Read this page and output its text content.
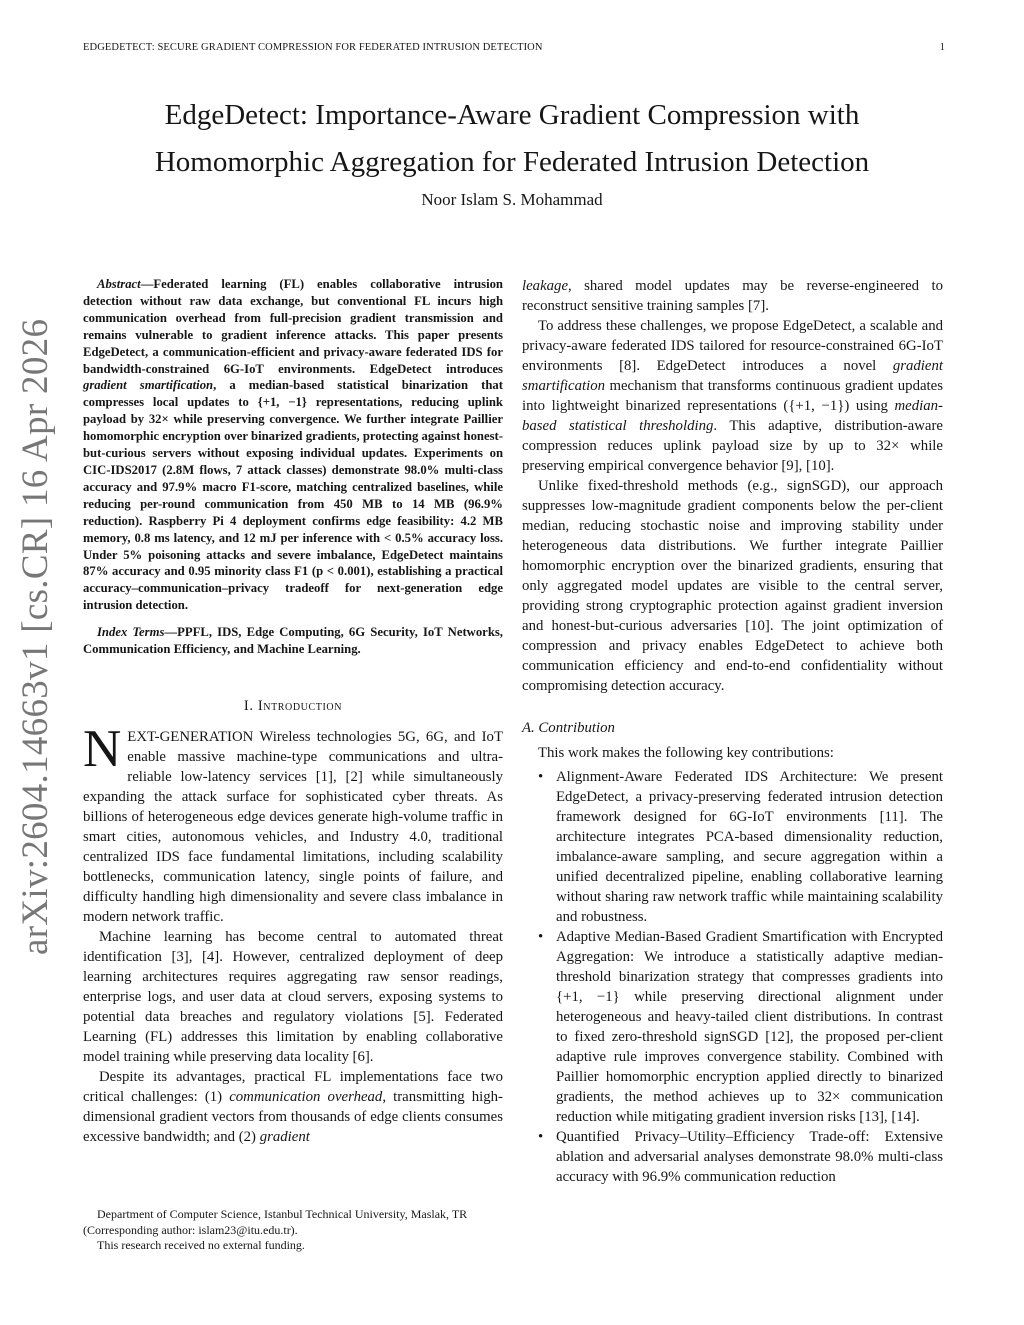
EDGEDETECT: SECURE GRADIENT COMPRESSION FOR FEDERATED INTRUSION DETECTION	1
EdgeDetect: Importance-Aware Gradient Compression with
Homomorphic Aggregation for Federated Intrusion Detection
Noor Islam S. Mohammad
arXiv:2604.14663v1 [cs.CR] 16 Apr 2026

Abstract—Federated learning (FL) enables collaborative intrusion detection without raw data exchange, but conventional FL incurs high communication overhead from full-precision gradient transmission and remains vulnerable to gradient inference attacks. This paper presents EdgeDetect, a communication-efficient and privacy-aware federated IDS for bandwidth-constrained 6G-IoT environments. EdgeDetect introduces gradient smartification, a median-based statistical binarization that compresses local updates to {+1, −1} representations, reducing uplink payload by 32× while preserving convergence. We further integrate Paillier homomorphic encryption over binarized gradients, protecting against honest-but-curious servers without exposing individual updates. Experiments on CIC-IDS2017 (2.8M flows, 7 attack classes) demonstrate 98.0% multi-class accuracy and 97.9% macro F1-score, matching centralized baselines, while reducing per-round communication from 450 MB to 14 MB (96.9% reduction). Raspberry Pi 4 deployment confirms edge feasibility: 4.2 MB memory, 0.8 ms latency, and 12 mJ per inference with < 0.5% accuracy loss. Under 5% poisoning attacks and severe imbalance, EdgeDetect maintains 87% accuracy and 0.95 minority class F1 (p < 0.001), establishing a practical accuracy–communication–privacy tradeoff for next-generation edge intrusion detection.

Index Terms—PPFL, IDS, Edge Computing, 6G Security, IoT Networks, Communication Efficiency, and Machine Learning.

I. Introduction

NEXT-GENERATION Wireless technologies 5G, 6G, and IoT enable massive machine-type communications and ultra-reliable low-latency services [1], [2] while simultaneously expanding the attack surface for sophisticated cyber threats. As billions of heterogeneous edge devices generate high-volume traffic in smart cities, autonomous vehicles, and Industry 4.0, traditional centralized IDS face fundamental limitations, including scalability bottlenecks, communication latency, single points of failure, and difficulty handling high dimensionality and severe class imbalance in modern network traffic.

Machine learning has become central to automated threat identification [3], [4]. However, centralized deployment of deep learning architectures requires aggregating raw sensor readings, enterprise logs, and user data at cloud servers, exposing systems to potential data breaches and regulatory violations [5]. Federated Learning (FL) addresses this limitation by enabling collaborative model training while preserving data locality [6].

Despite its advantages, practical FL implementations face two critical challenges: (1) communication overhead, transmitting high-dimensional gradient vectors from thousands of edge clients consumes excessive bandwidth; and (2) gradient

Department of Computer Science, Istanbul Technical University, Maslak, TR (Corresponding author: islam23@itu.edu.tr).

This research received no external funding.

leakage, shared model updates may be reverse-engineered to reconstruct sensitive training samples [7].

To address these challenges, we propose EdgeDetect, a scalable and privacy-aware federated IDS tailored for resource-constrained 6G-IoT environments [8]. EdgeDetect introduces a novel gradient smartification mechanism that transforms continuous gradient updates into lightweight binarized representations ({+1, −1}) using median-based statistical thresholding. This adaptive, distribution-aware compression reduces uplink payload size by up to 32× while preserving empirical convergence behavior [9], [10].

Unlike fixed-threshold methods (e.g., signSGD), our approach suppresses low-magnitude gradient components below the per-client median, reducing stochastic noise and improving stability under heterogeneous data distributions. We further integrate Paillier homomorphic encryption over the binarized gradients, ensuring that only aggregated model updates are visible to the central server, providing strong cryptographic protection against gradient inversion and honest-but-curious adversaries [10]. The joint optimization of compression and privacy enables EdgeDetect to achieve both communication efficiency and end-to-end confidentiality without compromising detection accuracy.

A. Contribution

This work makes the following key contributions:

• Alignment-Aware Federated IDS Architecture: We present EdgeDetect, a privacy-preserving federated intrusion detection framework designed for 6G-IoT environments [11]. The architecture integrates PCA-based dimensionality reduction, imbalance-aware sampling, and secure aggregation within a unified decentralized pipeline, enabling collaborative learning without sharing raw network traffic while maintaining scalability and robustness.
• Adaptive Median-Based Gradient Smartification with Encrypted Aggregation: We introduce a statistically adaptive median-threshold binarization strategy that compresses gradients into {+1, −1} while preserving directional alignment under heterogeneous and heavy-tailed client distributions. In contrast to fixed zero-threshold signSGD [12], the proposed per-client adaptive rule improves convergence stability. Combined with Paillier homomorphic encryption applied directly to binarized gradients, the method achieves up to 32× communication reduction while mitigating gradient inversion risks [13], [14].
• Quantified Privacy–Utility–Efficiency Trade-off: Extensive ablation and adversarial analyses demonstrate 98.0% multi-class accuracy with 96.9% communication reduction
